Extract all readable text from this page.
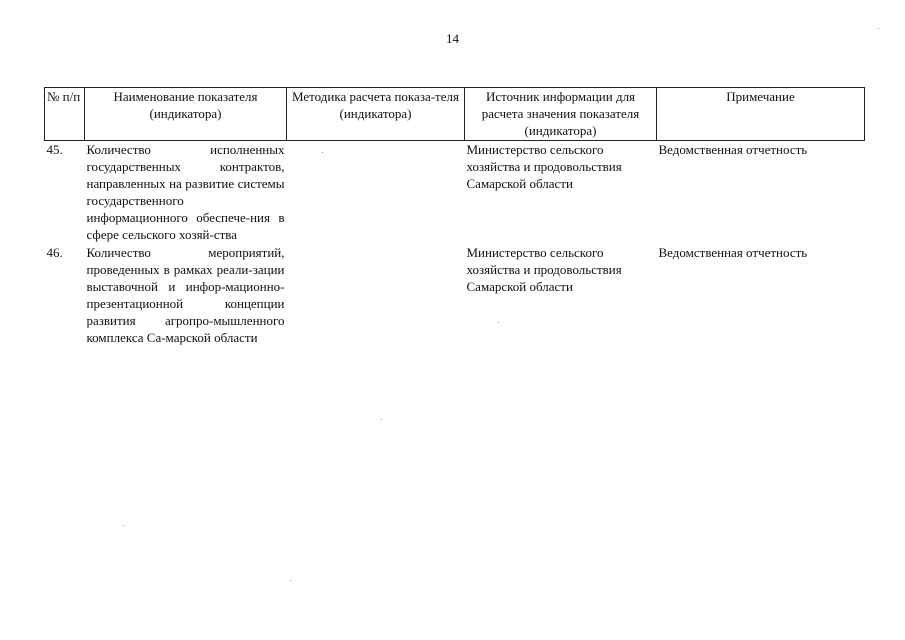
14
№ п/п	Наименование показателя (индикатора)	Методика расчета показа-теля (индикатора)	Источник информации для расчета значения показателя (индикатора)	Примечание
45.	Количество исполненных государственных контрактов, направленных на развитие системы государственного информационного обеспече-ния в сфере сельского хозяй-ства		Министерство сельского хозяйства и продовольствия Самарской области	Ведомственная отчетность
46.	Количество мероприятий, проведенных в рамках реали-зации выставочной и инфор-мационно-презентационной концепции развития агропро-мышленного комплекса Са-марской области		Министерство сельского хозяйства и продовольствия Самарской области	Ведомственная отчетность
